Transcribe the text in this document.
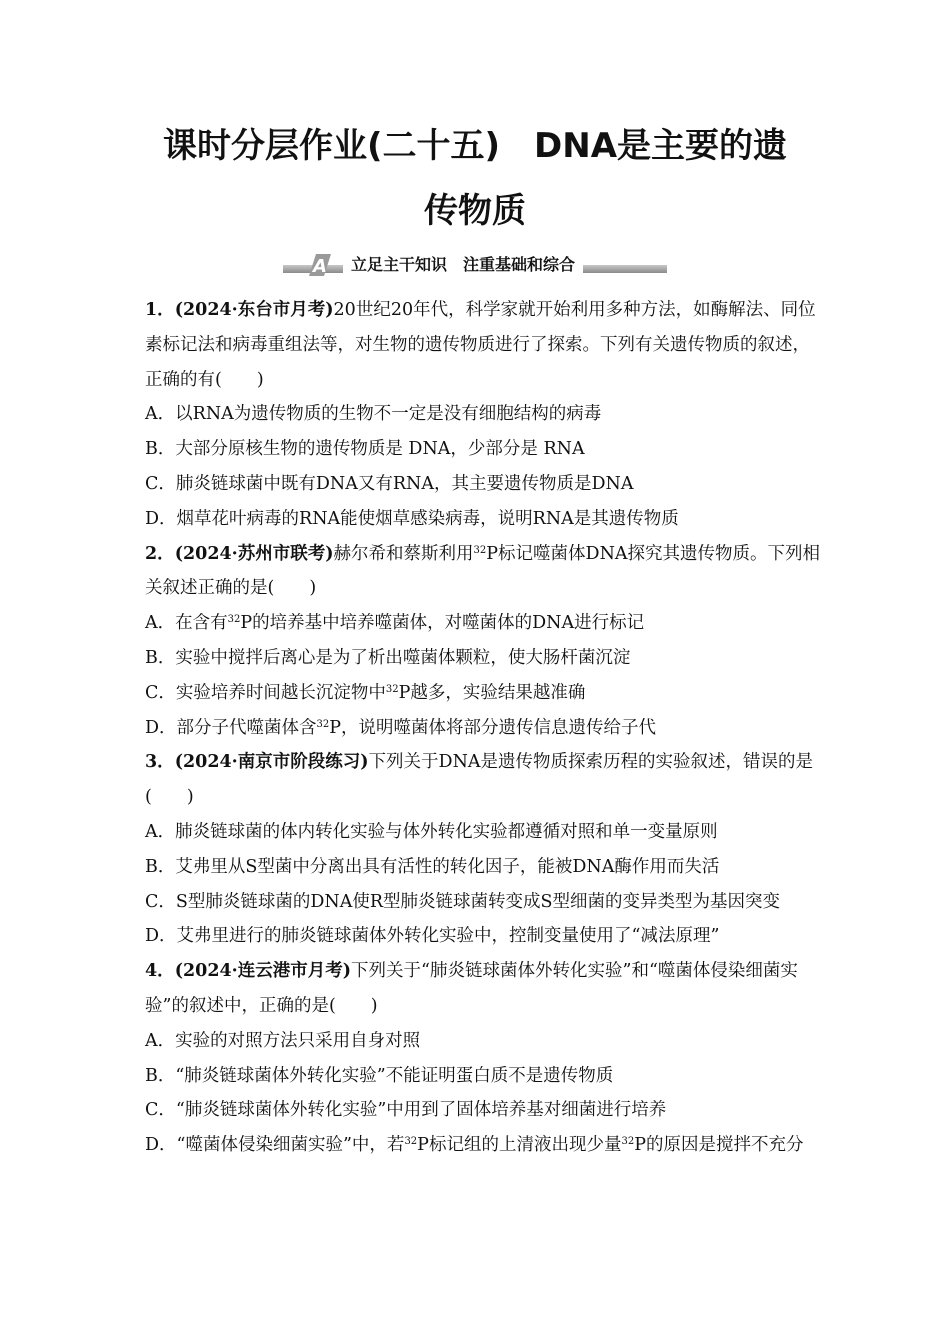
课时分层作业(二十五)　DNA是主要的遗
传物质
A	立足主干知识　注重基础和综合

1．(2024·东台市月考)20世纪20年代，科学家就开始利用多种方法，如酶解法、同位素标记法和病毒重组法等，对生物的遗传物质进行了探索。下列有关遗传物质的叙述，正确的有(　　)

A．以RNA为遗传物质的生物不一定是没有细胞结构的病毒

B．大部分原核生物的遗传物质是 DNA，少部分是 RNA

C．肺炎链球菌中既有DNA又有RNA，其主要遗传物质是DNA

D．烟草花叶病毒的RNA能使烟草感染病毒，说明RNA是其遗传物质

2．(2024·苏州市联考)赫尔希和蔡斯利用$^{32}$P标记噬菌体DNA探究其遗传物质。下列相关叙述正确的是(　　)

A．在含有$^{32}$P的培养基中培养噬菌体，对噬菌体的DNA进行标记

B．实验中搅拌后离心是为了析出噬菌体颗粒，使大肠杆菌沉淀

C．实验培养时间越长沉淀物中$^{32}$P越多，实验结果越准确

D．部分子代噬菌体含$^{32}$P，说明噬菌体将部分遗传信息遗传给子代

3．(2024·南京市阶段练习)下列关于DNA是遗传物质探索历程的实验叙述，错误的是(　　)

A．肺炎链球菌的体内转化实验与体外转化实验都遵循对照和单一变量原则

B．艾弗里从S型菌中分离出具有活性的转化因子，能被DNA酶作用而失活

C．S型肺炎链球菌的DNA使R型肺炎链球菌转变成S型细菌的变异类型为基因突变

D．艾弗里进行的肺炎链球菌体外转化实验中，控制变量使用了“减法原理”

4．(2024·连云港市月考)下列关于“肺炎链球菌体外转化实验”和“噬菌体侵染细菌实验”的叙述中，正确的是(　　)

A．实验的对照方法只采用自身对照

B．“肺炎链球菌体外转化实验”不能证明蛋白质不是遗传物质

C．“肺炎链球菌体外转化实验”中用到了固体培养基对细菌进行培养

D．“噬菌体侵染细菌实验”中，若$^{32}$P标记组的上清液出现少量$^{32}$P的原因是搅拌不充分
